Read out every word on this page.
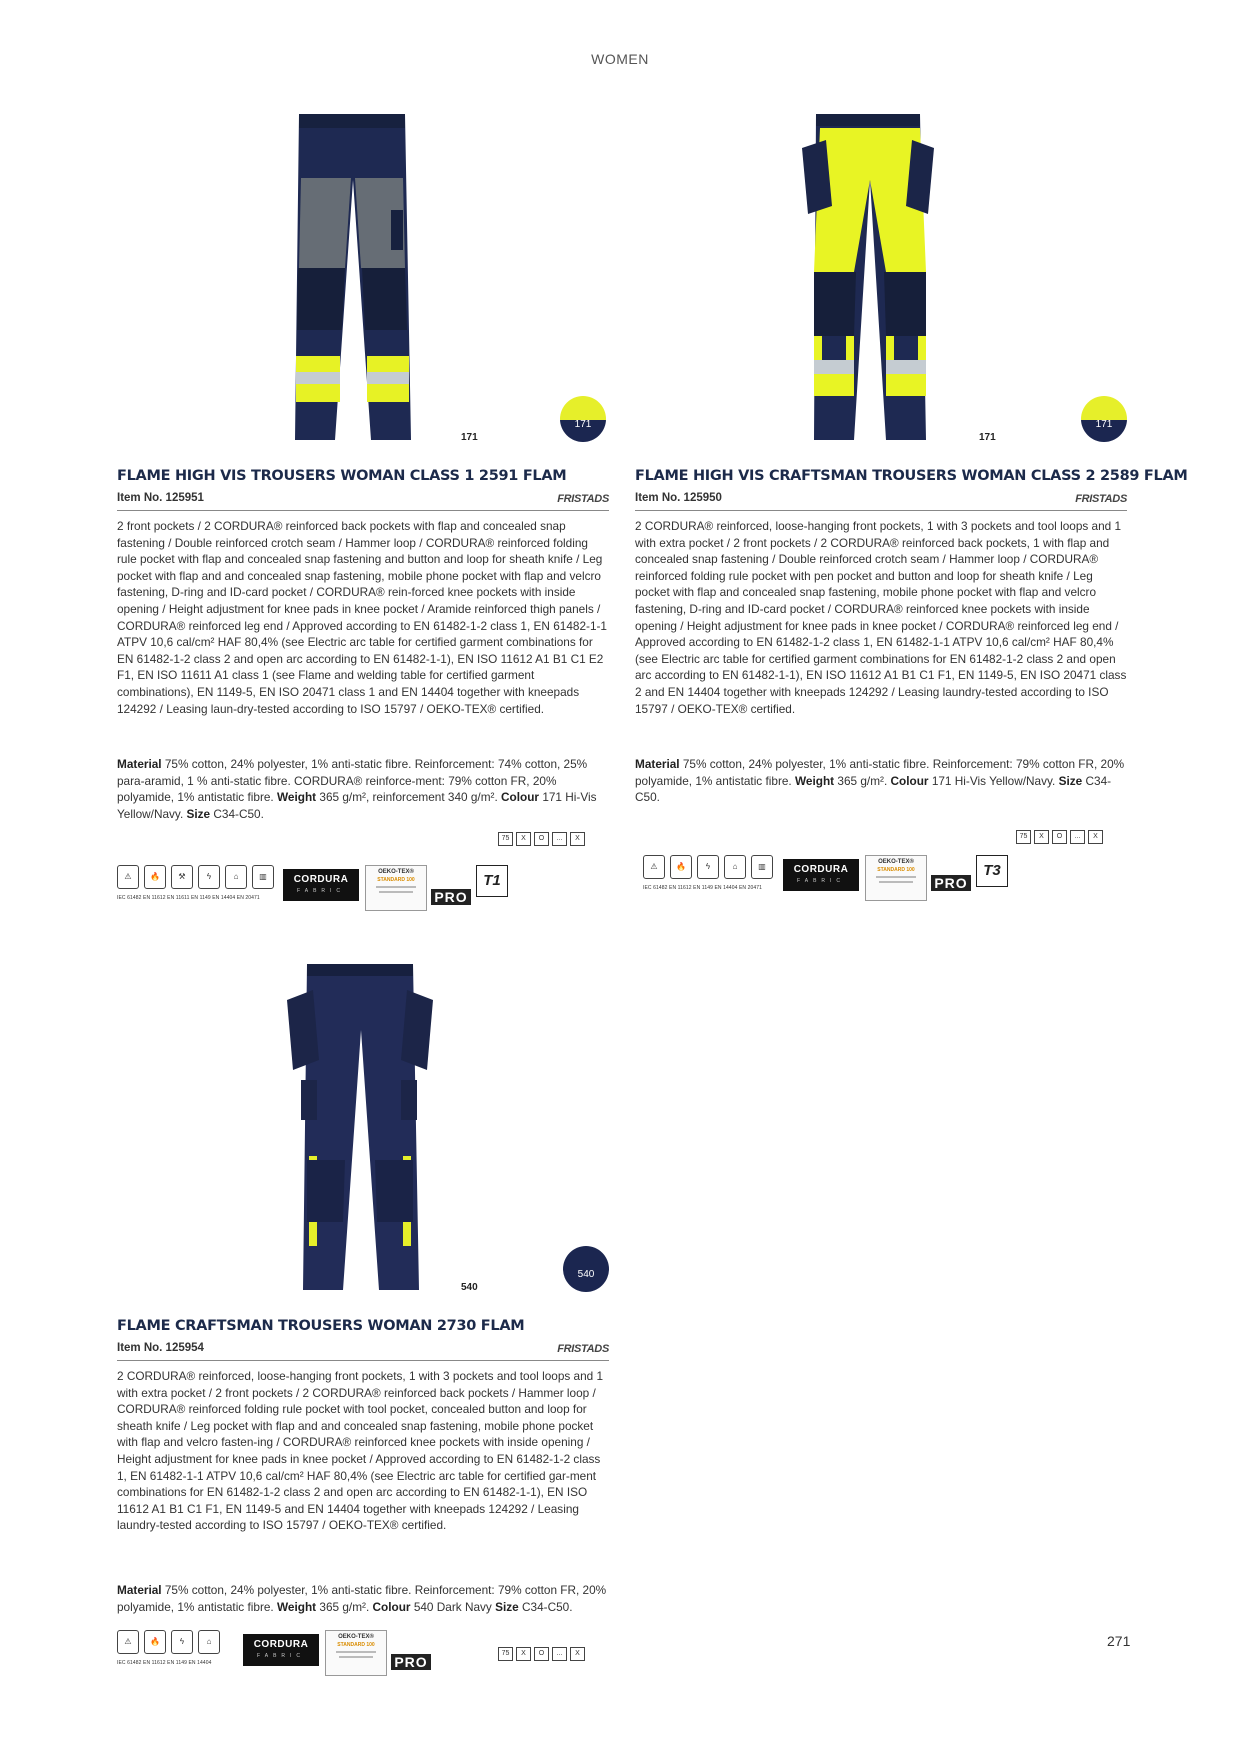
WOMEN
171
171
FLAME HIGH VIS TROUSERS WOMAN CLASS 1 2591 FLAM
Item No. 125951	FRISTADS

2 front pockets / 2 CORDURA® reinforced back pockets with flap and concealed snap fastening / Double reinforced crotch seam / Hammer loop / CORDURA® reinforced folding rule pocket with flap and concealed snap fastening and button and loop for sheath knife / Leg pocket with flap and and concealed snap fastening, mobile phone pocket with flap and velcro fastening, D-ring and ID-card pocket / CORDURA® rein-forced knee pockets with inside opening / Height adjustment for knee pads in knee pocket / Aramide reinforced thigh panels / CORDURA® reinforced leg end / Approved according to EN 61482-1-2 class 1, EN 61482-1-1 ATPV 10,6 cal/cm² HAF 80,4% (see Electric arc table for certified garment combinations for EN 61482-1-2 class 2 and open arc according to EN 61482-1-1), EN ISO 11612 A1 B1 C1 E2 F1, EN ISO 11611 A1 class 1 (see Flame and welding table for certified garment combinations), EN 1149-5, EN ISO 20471 class 1 and EN 14404 together with kneepads 124292 / Leasing laun-dry-tested according to ISO 15797 / OEKO-TEX® certified.

Material 75% cotton, 24% polyester, 1% anti-static fibre. Reinforcement: 74% cotton, 25% para-aramid, 1 % anti-static fibre. CORDURA® reinforce-ment: 79% cotton FR, 20% polyamide, 1% antistatic fibre. Weight 365 g/m², reinforcement 340 g/m². Colour 171 Hi-Vis Yellow/Navy. Size C34-C50.

75	X	O	...	X
⚠	🔥	⚒	ϟ	⌂	▥
IEC 61482 EN 11612 EN 11611 EN 1149 EN 14404 EN 20471
CORDURA
FABRIC
OEKO-TEX®
STANDARD 100
PRO
T1
171
171
FLAME HIGH VIS CRAFTSMAN TROUSERS WOMAN CLASS 2 2589 FLAM
Item No. 125950	FRISTADS

2 CORDURA® reinforced, loose-hanging front pockets, 1 with 3 pockets and tool loops and 1 with extra pocket / 2 front pockets / 2 CORDURA® reinforced back pockets, 1 with flap and concealed snap fastening / Double reinforced crotch seam / Hammer loop / CORDURA® reinforced folding rule pocket with pen pocket and button and loop for sheath knife / Leg pocket with flap and concealed snap fastening, mobile phone pocket with flap and velcro fastening, D-ring and ID-card pocket / CORDURA® reinforced knee pockets with inside opening / Height adjustment for knee pads in knee pocket / CORDURA® reinforced leg end / Approved according to EN 61482-1-2 class 1, EN 61482-1-1 ATPV 10,6 cal/cm² HAF 80,4% (see Electric arc table for certified garment combinations for EN 61482-1-2 class 2 and open arc according to EN 61482-1-1), EN ISO 11612 A1 B1 C1 F1, EN 1149-5, EN ISO 20471 class 2 and EN 14404 together with kneepads 124292 / Leasing laundry-tested according to ISO 15797 / OEKO-TEX® certified.

Material 75% cotton, 24% polyester, 1% anti-static fibre. Reinforcement: 79% cotton FR, 20% polyamide, 1% antistatic fibre. Weight 365 g/m². Colour 171 Hi-Vis Yellow/Navy. Size C34-C50.

75	X	O	...	X
⚠	🔥	ϟ	⌂	▥
IEC 61482 EN 11612 EN 1149 EN 14404 EN 20471
CORDURA
FABRIC
OEKO-TEX®
STANDARD 100
PRO
T3
540
540
FLAME CRAFTSMAN TROUSERS WOMAN 2730 FLAM
Item No. 125954	FRISTADS

2 CORDURA® reinforced, loose-hanging front pockets, 1 with 3 pockets and tool loops and 1 with extra pocket / 2 front pockets / 2 CORDURA® reinforced back pockets / Hammer loop / CORDURA® reinforced folding rule pocket with tool pocket, concealed button and loop for sheath knife / Leg pocket with flap and and concealed snap fastening, mobile phone pocket with flap and velcro fasten-ing / CORDURA® reinforced knee pockets with inside opening / Height adjustment for knee pads in knee pocket / Approved according to EN 61482-1-2 class 1, EN 61482-1-1 ATPV 10,6 cal/cm² HAF 80,4% (see Electric arc table for certified gar-ment combinations for EN 61482-1-2 class 2 and open arc according to EN 61482-1-1), EN ISO 11612 A1 B1 C1 F1, EN 1149-5 and EN 14404 together with kneepads 124292 / Leasing laundry-tested according to ISO 15797 / OEKO-TEX® certified.

Material 75% cotton, 24% polyester, 1% anti-static fibre. Reinforcement: 79% cotton FR, 20% polyamide, 1% antistatic fibre. Weight 365 g/m². Colour 540 Dark Navy Size C34-C50.

75	X	O	...	X
⚠	🔥	ϟ	⌂
IEC 61482 EN 11612 EN 1149 EN 14404
CORDURA
FABRIC
OEKO-TEX®
STANDARD 100
PRO
271
